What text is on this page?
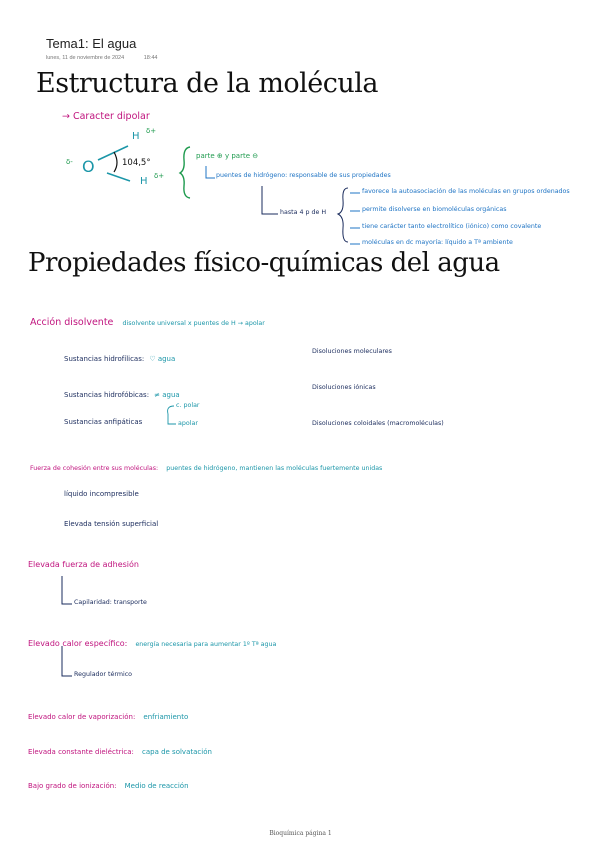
Tema1: El agua
lunes, 11 de noviembre de 2024	18:44
Estructura de la molécula
→ Caracter dipolar
H δ+
δ- O	104,5°
H δ+
parte ⊕ y parte ⊖
puentes de hidrógeno: responsable de sus propiedades
hasta 4 p de H
favorece la autoasociación de las moléculas en grupos ordenados
permite disolverse en biomoléculas orgánicas
tiene carácter tanto electrolítico (iónico) como covalente
moléculas en dc mayoría: líquido a Tª ambiente
Propiedades físico-químicas del agua
Acción disolvente disolvente universal x puentes de H → apolar
Sustancias hidrofílicas: ♡ agua
Sustancias hidrofóbicas: ≠ agua
Sustancias anfipáticas
c. polar
apolar
Disoluciones moleculares
Disoluciones iónicas
Disoluciones coloidales (macromoléculas)
Fuerza de cohesión entre sus moléculas: puentes de hidrógeno, mantienen las moléculas fuertemente unidas
líquido incompresible
Elevada tensión superficial
Elevada fuerza de adhesión
Capilaridad: transporte
Elevado calor específico: energía necesaria para aumentar 1º Tª agua
Regulador térmico
Elevado calor de vaporización: enfriamiento
Elevada constante dieléctrica: capa de solvatación
Bajo grado de ionización: Medio de reacción
Bioquímica página 1
